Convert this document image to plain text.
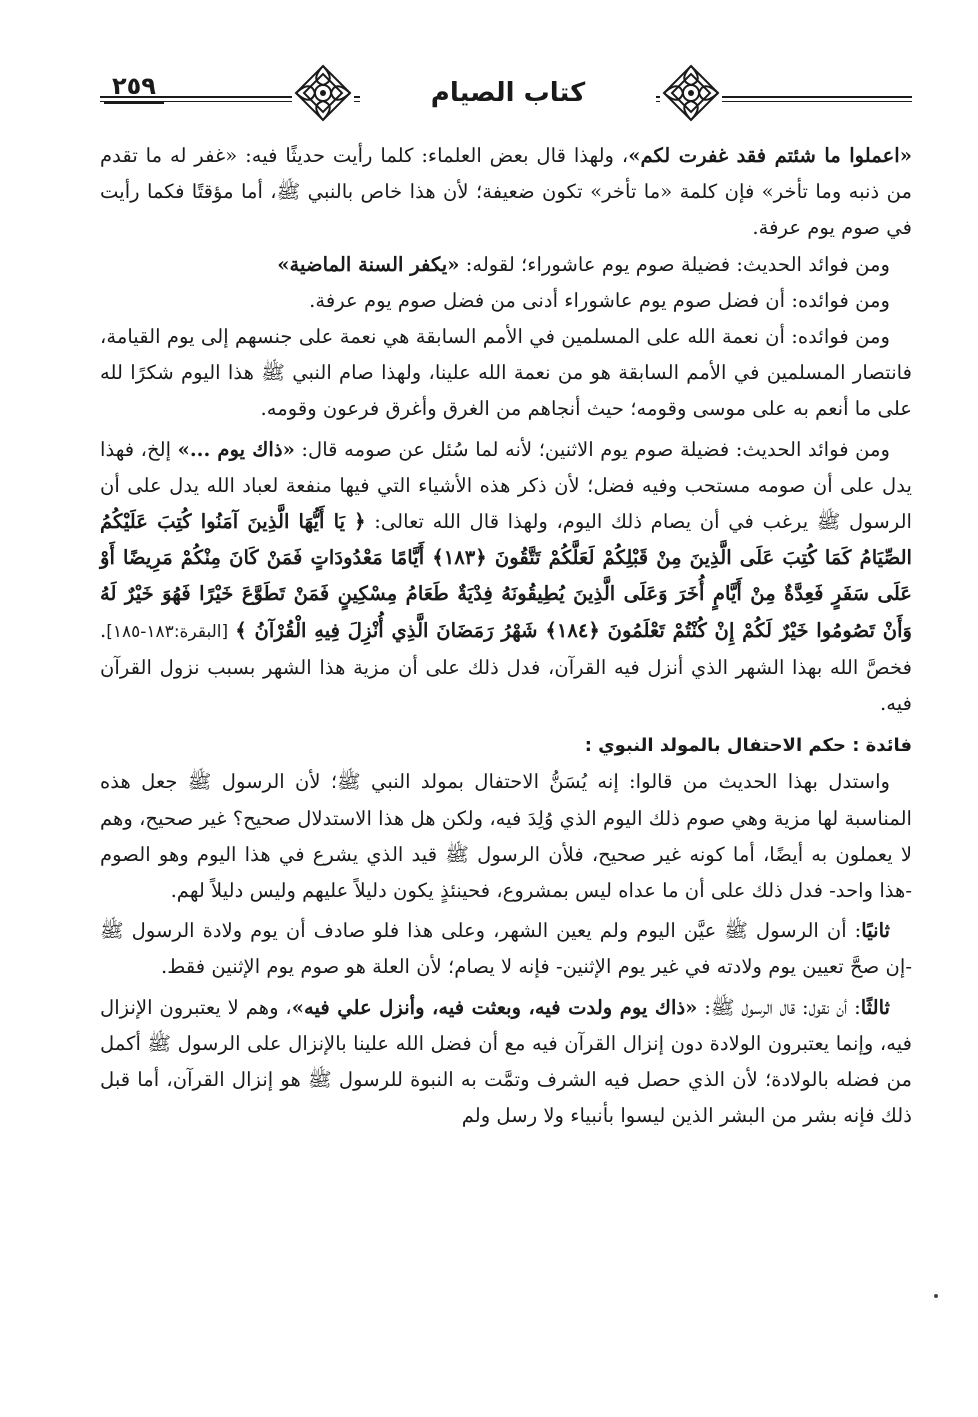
٢٥٩	كتاب الصيام

«اعملوا ما شئتم فقد غفرت لكم»، ولهذا قال بعض العلماء: كلما رأيت حديثًا فيه: «غفر له ما تقدم من ذنبه وما تأخر» فإن كلمة «ما تأخر» تكون ضعيفة؛ لأن هذا خاص بالنبي ﷺ، أما مؤقتًا فكما رأيت في صوم يوم عرفة.

ومن فوائد الحديث: فضيلة صوم يوم عاشوراء؛ لقوله: «يكفر السنة الماضية»

ومن فوائده: أن فضل صوم يوم عاشوراء أدنى من فضل صوم يوم عرفة.

ومن فوائده: أن نعمة الله على المسلمين في الأمم السابقة هي نعمة على جنسهم إلى يوم القيامة، فانتصار المسلمين في الأمم السابقة هو من نعمة الله علينا، ولهذا صام النبي ﷺ هذا اليوم شكرًا لله على ما أنعم به على موسى وقومه؛ حيث أنجاهم من الغرق وأغرق فرعون وقومه.

ومن فوائد الحديث: فضيلة صوم يوم الاثنين؛ لأنه لما سُئل عن صومه قال: «ذاك يوم ...» إلخ، فهذا يدل على أن صومه مستحب وفيه فضل؛ لأن ذكر هذه الأشياء التي فيها منفعة لعباد الله يدل على أن الرسول ﷺ يرغب في أن يصام ذلك اليوم، ولهذا قال الله تعالى: ﴿ يَا أَيُّهَا الَّذِينَ آمَنُوا كُتِبَ عَلَيْكُمُ الصِّيَامُ كَمَا كُتِبَ عَلَى الَّذِينَ مِنْ قَبْلِكُمْ لَعَلَّكُمْ تَتَّقُونَ ﴿١٨٣﴾ أَيَّامًا مَعْدُودَاتٍ فَمَنْ كَانَ مِنْكُمْ مَرِيضًا أَوْ عَلَى سَفَرٍ فَعِدَّةٌ مِنْ أَيَّامٍ أُخَرَ وَعَلَى الَّذِينَ يُطِيقُونَهُ فِدْيَةٌ طَعَامُ مِسْكِينٍ فَمَنْ تَطَوَّعَ خَيْرًا فَهُوَ خَيْرٌ لَهُ وَأَنْ تَصُومُوا خَيْرٌ لَكُمْ إِنْ كُنْتُمْ تَعْلَمُونَ ﴿١٨٤﴾ شَهْرُ رَمَضَانَ الَّذِي أُنْزِلَ فِيهِ الْقُرْآنُ ﴾ [البقرة:١٨٣-١٨٥]. فخصَّ الله بهذا الشهر الذي أنزل فيه القرآن، فدل ذلك على أن مزية هذا الشهر بسبب نزول القرآن فيه.

فائدة : حكم الاحتفال بالمولد النبوي :

واستدل بهذا الحديث من قالوا: إنه يُسَنُّ الاحتفال بمولد النبي ﷺ؛ لأن الرسول ﷺ جعل هذه المناسبة لها مزية وهي صوم ذلك اليوم الذي وُلِدَ فيه، ولكن هل هذا الاستدلال صحيح؟ غير صحيح، وهم لا يعملون به أيضًا، أما كونه غير صحيح، فلأن الرسول ﷺ قيد الذي يشرع في هذا اليوم وهو الصوم -هذا واحد- فدل ذلك على أن ما عداه ليس بمشروع، فحينئذٍ يكون دليلاً عليهم وليس دليلاً لهم.

ثانيًا: أن الرسول ﷺ عيَّن اليوم ولم يعين الشهر، وعلى هذا فلو صادف أن يوم ولادة الرسول ﷺ -إن صحَّ تعيين يوم ولادته في غير يوم الإثنين- فإنه لا يصام؛ لأن العلة هو صوم يوم الإثنين فقط.

ثالثًا: أن نقول: قال الرسول ﷺ: «ذاك يوم ولدت فيه، وبعثت فيه، وأنزل علي فيه»، وهم لا يعتبرون الإنزال فيه، وإنما يعتبرون الولادة دون إنزال القرآن فيه مع أن فضل الله علينا بالإنزال على الرسول ﷺ أكمل من فضله بالولادة؛ لأن الذي حصل فيه الشرف وتمَّت به النبوة للرسول ﷺ هو إنزال القرآن، أما قبل ذلك فإنه بشر من البشر الذين ليسوا بأنبياء ولا رسل ولم
